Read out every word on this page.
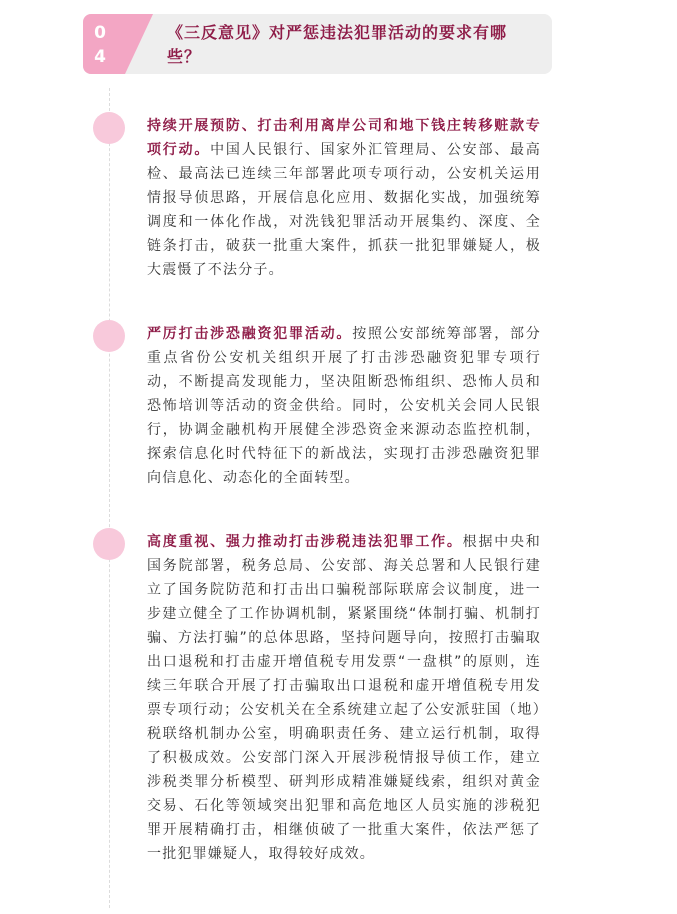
0
4
《三反意见》对严惩违法犯罪活动的要求有哪些？
持续开展预防、打击利用离岸公司和地下钱庄转移赃款专项行动。中国人民银行、国家外汇管理局、公安部、最高检、最高法已连续三年部署此项专项行动，公安机关运用情报导侦思路，开展信息化应用、数据化实战，加强统筹调度和一体化作战，对洗钱犯罪活动开展集约、深度、全链条打击，破获一批重大案件，抓获一批犯罪嫌疑人，极大震慑了不法分子。
严厉打击涉恐融资犯罪活动。按照公安部统筹部署，部分重点省份公安机关组织开展了打击涉恐融资犯罪专项行动，不断提高发现能力，坚决阻断恐怖组织、恐怖人员和恐怖培训等活动的资金供给。同时，公安机关会同人民银行，协调金融机构开展健全涉恐资金来源动态监控机制，探索信息化时代特征下的新战法，实现打击涉恐融资犯罪向信息化、动态化的全面转型。
高度重视、强力推动打击涉税违法犯罪工作。根据中央和国务院部署，税务总局、公安部、海关总署和人民银行建立了国务院防范和打击出口骗税部际联席会议制度，进一步建立健全了工作协调机制，紧紧围绕“体制打骗、机制打骗、方法打骗”的总体思路，坚持问题导向，按照打击骗取出口退税和打击虚开增值税专用发票“一盘棋”的原则，连续三年联合开展了打击骗取出口退税和虚开增值税专用发票专项行动；公安机关在全系统建立起了公安派驻国（地）税联络机制办公室，明确职责任务、建立运行机制，取得了积极成效。公安部门深入开展涉税情报导侦工作，建立涉税类罪分析模型、研判形成精准嫌疑线索，组织对黄金交易、石化等领域突出犯罪和高危地区人员实施的涉税犯罪开展精确打击，相继侦破了一批重大案件，依法严惩了一批犯罪嫌疑人，取得较好成效。
